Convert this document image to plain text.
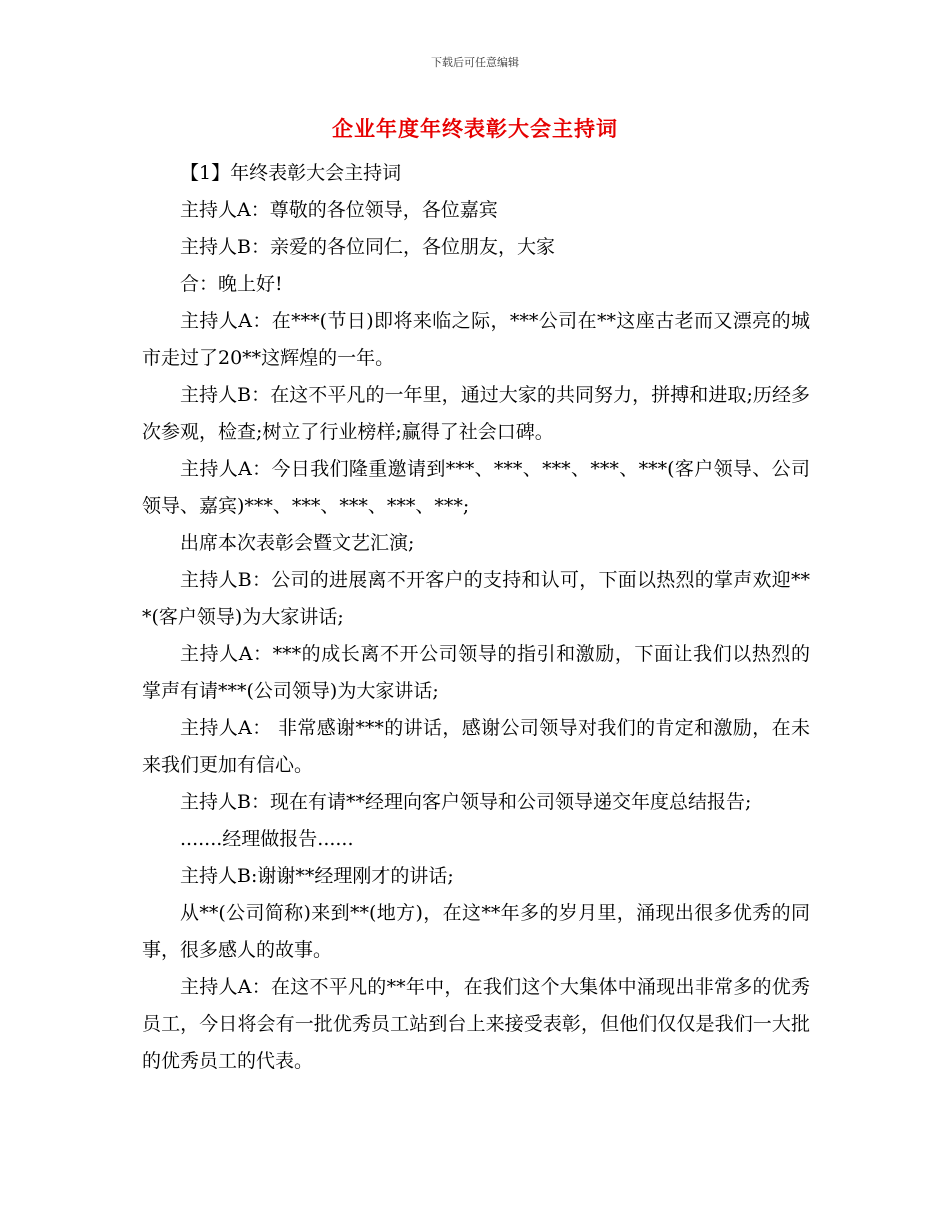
下载后可任意编辑
企业年度年终表彰大会主持词

【1】年终表彰大会主持词

主持人A：尊敬的各位领导，各位嘉宾

主持人B：亲爱的各位同仁，各位朋友，大家

合：晚上好!

主持人A：在***(节日)即将来临之际，***公司在**这座古老而又漂亮的城市走过了20**这辉煌的一年。

主持人B：在这不平凡的一年里，通过大家的共同努力，拼搏和进取;历经多次参观，检查;树立了行业榜样;赢得了社会口碑。

主持人A：今日我们隆重邀请到***、***、***、***、***(客户领导、公司领导、嘉宾)***、***、***、***、***;

出席本次表彰会暨文艺汇演;

主持人B：公司的进展离不开客户的支持和认可，下面以热烈的掌声欢迎***(客户领导)为大家讲话;

主持人A：***的成长离不开公司领导的指引和激励，下面让我们以热烈的掌声有请***(公司领导)为大家讲话;

主持人A： 非常感谢***的讲话，感谢公司领导对我们的肯定和激励，在未来我们更加有信心。

主持人B：现在有请**经理向客户领导和公司领导递交年度总结报告;

.......经理做报告......

主持人B:谢谢**经理刚才的讲话;

从**(公司简称)来到**(地方)，在这**年多的岁月里，涌现出很多优秀的同事，很多感人的故事。

主持人A：在这不平凡的**年中，在我们这个大集体中涌现出非常多的优秀员工，今日将会有一批优秀员工站到台上来接受表彰，但他们仅仅是我们一大批的优秀员工的代表。
